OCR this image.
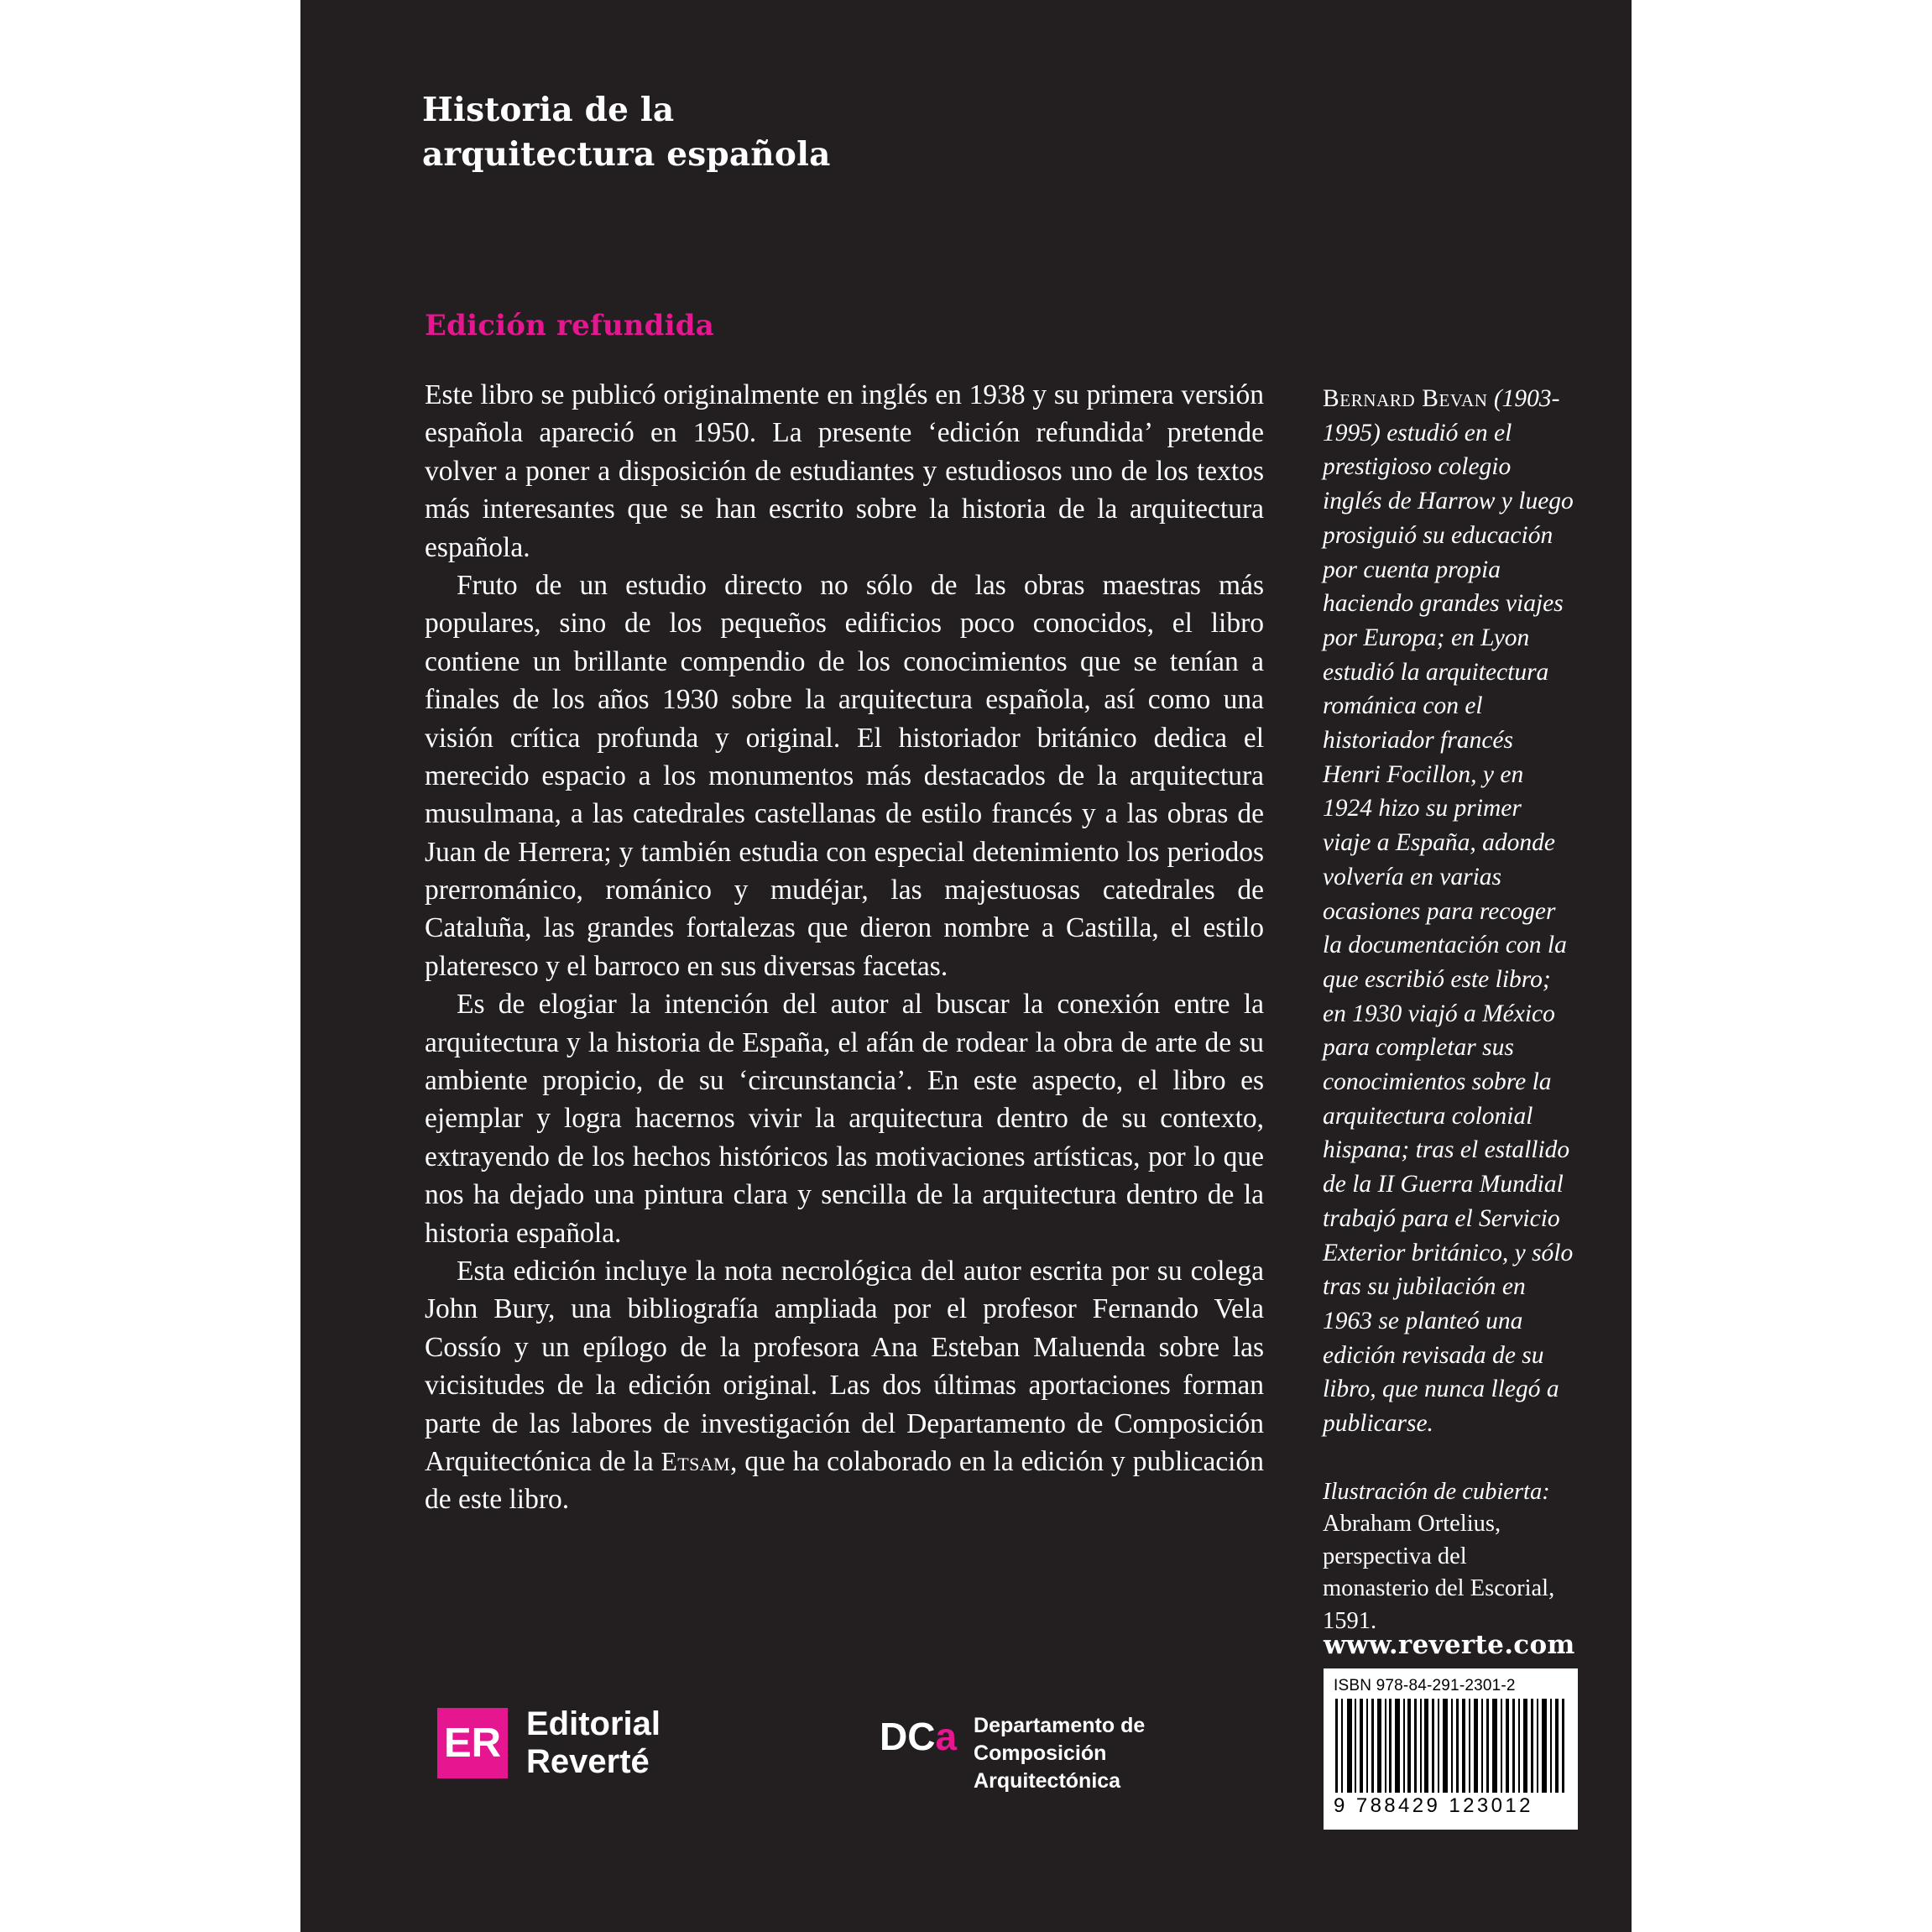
Historia de la
arquitectura española
Edición refundida

Este libro se publicó originalmente en inglés en 1938 y su primera versión española apareció en 1950. La presente ‘edición refundida’ pretende volver a poner a disposición de estudiantes y estudiosos uno de los textos más interesantes que se han escrito sobre la historia de la arquitectura española.

Fruto de un estudio directo no sólo de las obras maestras más populares, sino de los pequeños edificios poco conocidos, el libro contiene un brillante compendio de los conocimientos que se tenían a finales de los años 1930 sobre la arquitectura española, así como una visión crítica profunda y original. El historiador británico dedica el merecido espacio a los monumentos más destacados de la arquitectura musulmana, a las catedrales castellanas de estilo francés y a las obras de Juan de Herrera; y también estudia con especial detenimiento los periodos prerrománico, románico y mudéjar, las majestuosas catedrales de Cataluña, las grandes fortalezas que dieron nombre a Castilla, el estilo plateresco y el barroco en sus diversas facetas.

Es de elogiar la intención del autor al buscar la conexión entre la arquitectura y la historia de España, el afán de rodear la obra de arte de su ambiente propicio, de su ‘circunstancia’. En este aspecto, el libro es ejemplar y logra hacernos vivir la arquitectura dentro de su contexto, extrayendo de los hechos históricos las motivaciones artísticas, por lo que nos ha dejado una pintura clara y sencilla de la arquitectura dentro de la historia española.

Esta edición incluye la nota necrológica del autor escrita por su colega John Bury, una bibliografía ampliada por el profesor Fernando Vela Cossío y un epílogo de la profesora Ana Esteban Maluenda sobre las vicisitudes de la edición original. Las dos últimas aportaciones forman parte de las labores de investigación del Departamento de Composición Arquitectónica de la Etsam, que ha colaborado en la edición y publicación de este libro.

Bernard Bevan (1903-1995) estudió en el prestigioso colegio inglés de Harrow y luego prosiguió su educación por cuenta propia haciendo grandes viajes por Europa; en Lyon estudió la arquitectura románica con el historiador francés Henri Focillon, y en 1924 hizo su primer viaje a España, adonde volvería en varias ocasiones para recoger la documentación con la que escribió este libro; en 1930 viajó a México para completar sus conocimientos sobre la arquitectura colonial hispana; tras el estallido de la II Guerra Mundial trabajó para el Servicio Exterior británico, y sólo tras su jubilación en 1963 se planteó una edición revisada de su libro, que nunca llegó a publicarse.
Ilustración de cubierta: Abraham Ortelius, perspectiva del monasterio del Escorial, 1591.
www.reverte.com
ISBN 978-84-291-2301-2
9 788429 123012
ER Editorial
Reverté
DCa Departamento de
Composición
Arquitectónica
